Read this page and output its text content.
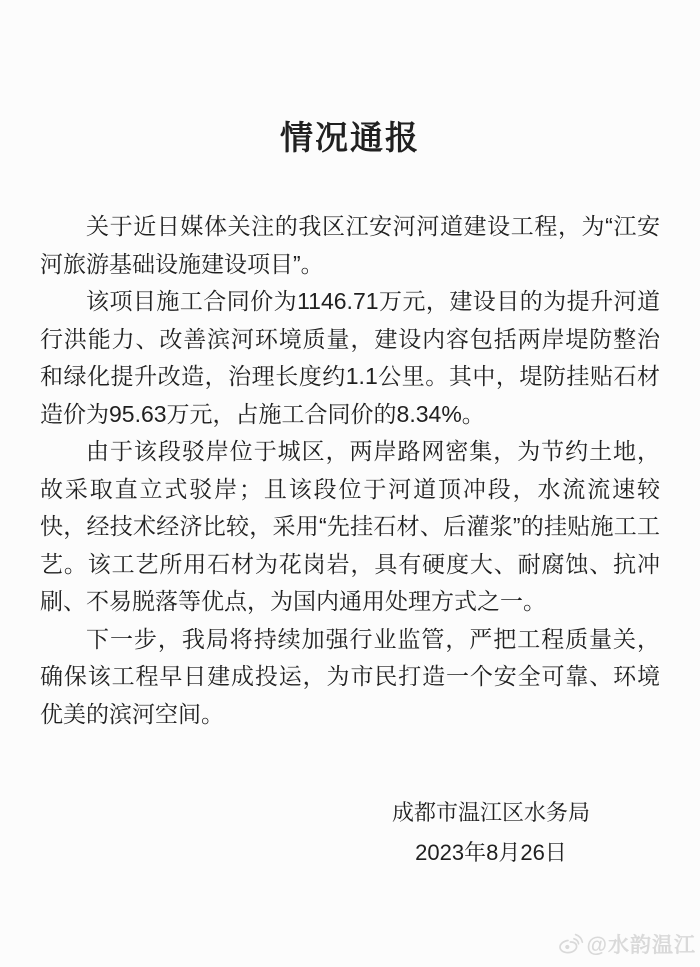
情况通报

关于近日媒体关注的我区江安河河道建设工程，为“江安河旅游基础设施建设项目”。

该项目施工合同价为1146.71万元，建设目的为提升河道行洪能力、改善滨河环境质量，建设内容包括两岸堤防整治和绿化提升改造，治理长度约1.1公里。其中，堤防挂贴石材造价为95.63万元，占施工合同价的8.34%。

由于该段驳岸位于城区，两岸路网密集，为节约土地，故采取直立式驳岸；且该段位于河道顶冲段，水流流速较快，经技术经济比较，采用“先挂石材、后灌浆”的挂贴施工工艺。该工艺所用石材为花岗岩，具有硬度大、耐腐蚀、抗冲刷、不易脱落等优点，为国内通用处理方式之一。

下一步，我局将持续加强行业监管，严把工程质量关，确保该工程早日建成投运，为市民打造一个安全可靠、环境优美的滨河空间。

成都市温江区水务局
2023年8月26日
@水韵温江
